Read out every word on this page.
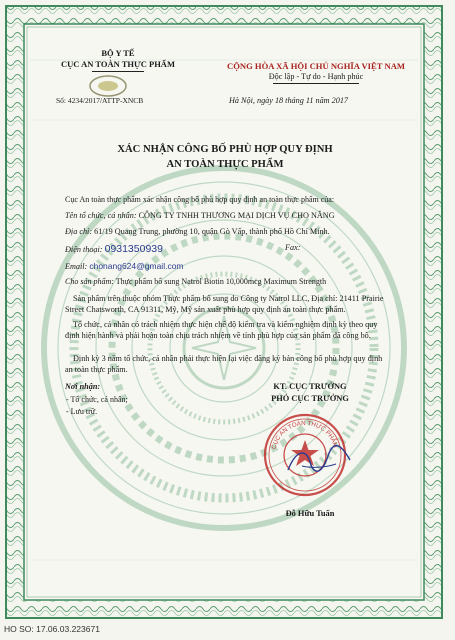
BỘ Y TẾ
CỤC AN TOÀN THỰC PHẨM
Số: 4234/2017/ATTP-XNCB
CỘNG HÒA XÃ HỘI CHỦ NGHĨA VIỆT NAM
Độc lập - Tự do - Hạnh phúc
Hà Nội, ngày 18 tháng 11 năm 2017
XÁC NHẬN CÔNG BỐ PHÙ HỢP QUY ĐỊNH
AN TOÀN THỰC PHẨM
Cục An toàn thực phẩm xác nhận công bố phù hợp quy định an toàn thực phẩm của:
Tên tổ chức, cá nhân: CÔNG TY TNHH THƯƠNG MẠI DỊCH VỤ CHO NẮNG
Địa chỉ: 61/19 Quang Trung, phường 10, quận Gò Vấp, thành phố Hồ Chí Minh.
Điện thoại: 0931350939	Fax:
Email: chonang624@gmail.com
Cho sản phẩm: Thực phẩm bổ sung Natrol Biotin 10,000mcg Maximum Strength
Sản phẩm trên thuộc nhóm Thực phẩm bổ sung do Công ty Natrol LLC, Địa chỉ: 21411 Prairie Street Chatsworth, CA 91311, Mỹ, Mỹ sản xuất phù hợp quy định an toàn thực phẩm.
Tổ chức, cá nhân có trách nhiệm thực hiện chế độ kiểm tra và kiểm nghiệm định kỳ theo quy định hiện hành và phải hoàn toàn chịu trách nhiệm về tính phù hợp của sản phẩm đã công bố.
Định kỳ 3 năm tổ chức, cá nhân phải thực hiện lại việc đăng ký bản công bố phù hợp quy định an toàn thực phẩm.
Nơi nhận:
- Tổ chức, cá nhân;
- Lưu trữ.
KT. CỤC TRƯỞNG
PHÓ CỤC TRƯỞNG
CỤC AN TOÀN THỰC PHẨM
Đỗ Hữu Tuấn
HO SO: 17.06.03.223671
